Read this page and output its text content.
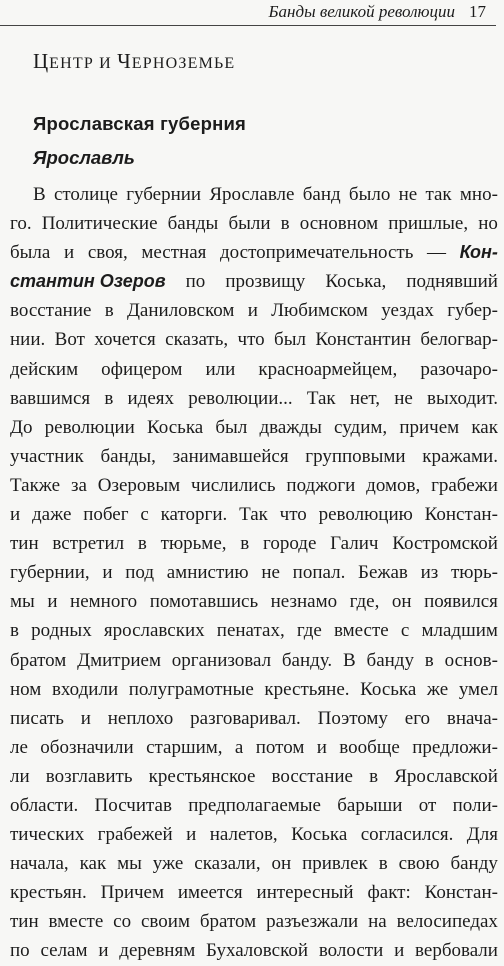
Банды великой революции 17
ЦЕНТР И ЧЕРНОЗЕМЬЕ
Ярославская губерния
Ярославль
В столице губернии Ярославле банд было не так мно-
го. Политические банды были в основном пришлые, но
была и своя, местная достопримечательность — Кон-
стантин Озеров по прозвищу Коська, поднявший
восстание в Даниловском и Любимском уездах губер-
нии. Вот хочется сказать, что был Константин белогвар-
дейским офицером или красноармейцем, разочаро-
вавшимся в идеях революции... Так нет, не выходит.
До революции Коська был дважды судим, причем как
участник банды, занимавшейся групповыми кражами.
Также за Озеровым числились поджоги домов, грабежи
и даже побег с каторги. Так что революцию Констан-
тин встретил в тюрьме, в городе Галич Костромской
губернии, и под амнистию не попал. Бежав из тюрь-
мы и немного помотавшись незнамо где, он появился
в родных ярославских пенатах, где вместе с младшим
братом Дмитрием организовал банду. В банду в основ-
ном входили полуграмотные крестьяне. Коська же умел
писать и неплохо разговаривал. Поэтому его внача-
ле обозначили старшим, а потом и вообще предложи-
ли возглавить крестьянское восстание в Ярославской
области. Посчитав предполагаемые барыши от поли-
тических грабежей и налетов, Коська согласился. Для
начала, как мы уже сказали, он привлек в свою банду
крестьян. Причем имеется интересный факт: Констан-
тин вместе со своим братом разъезжали на велосипедах
по селам и деревням Бухаловской волости и вербовали
